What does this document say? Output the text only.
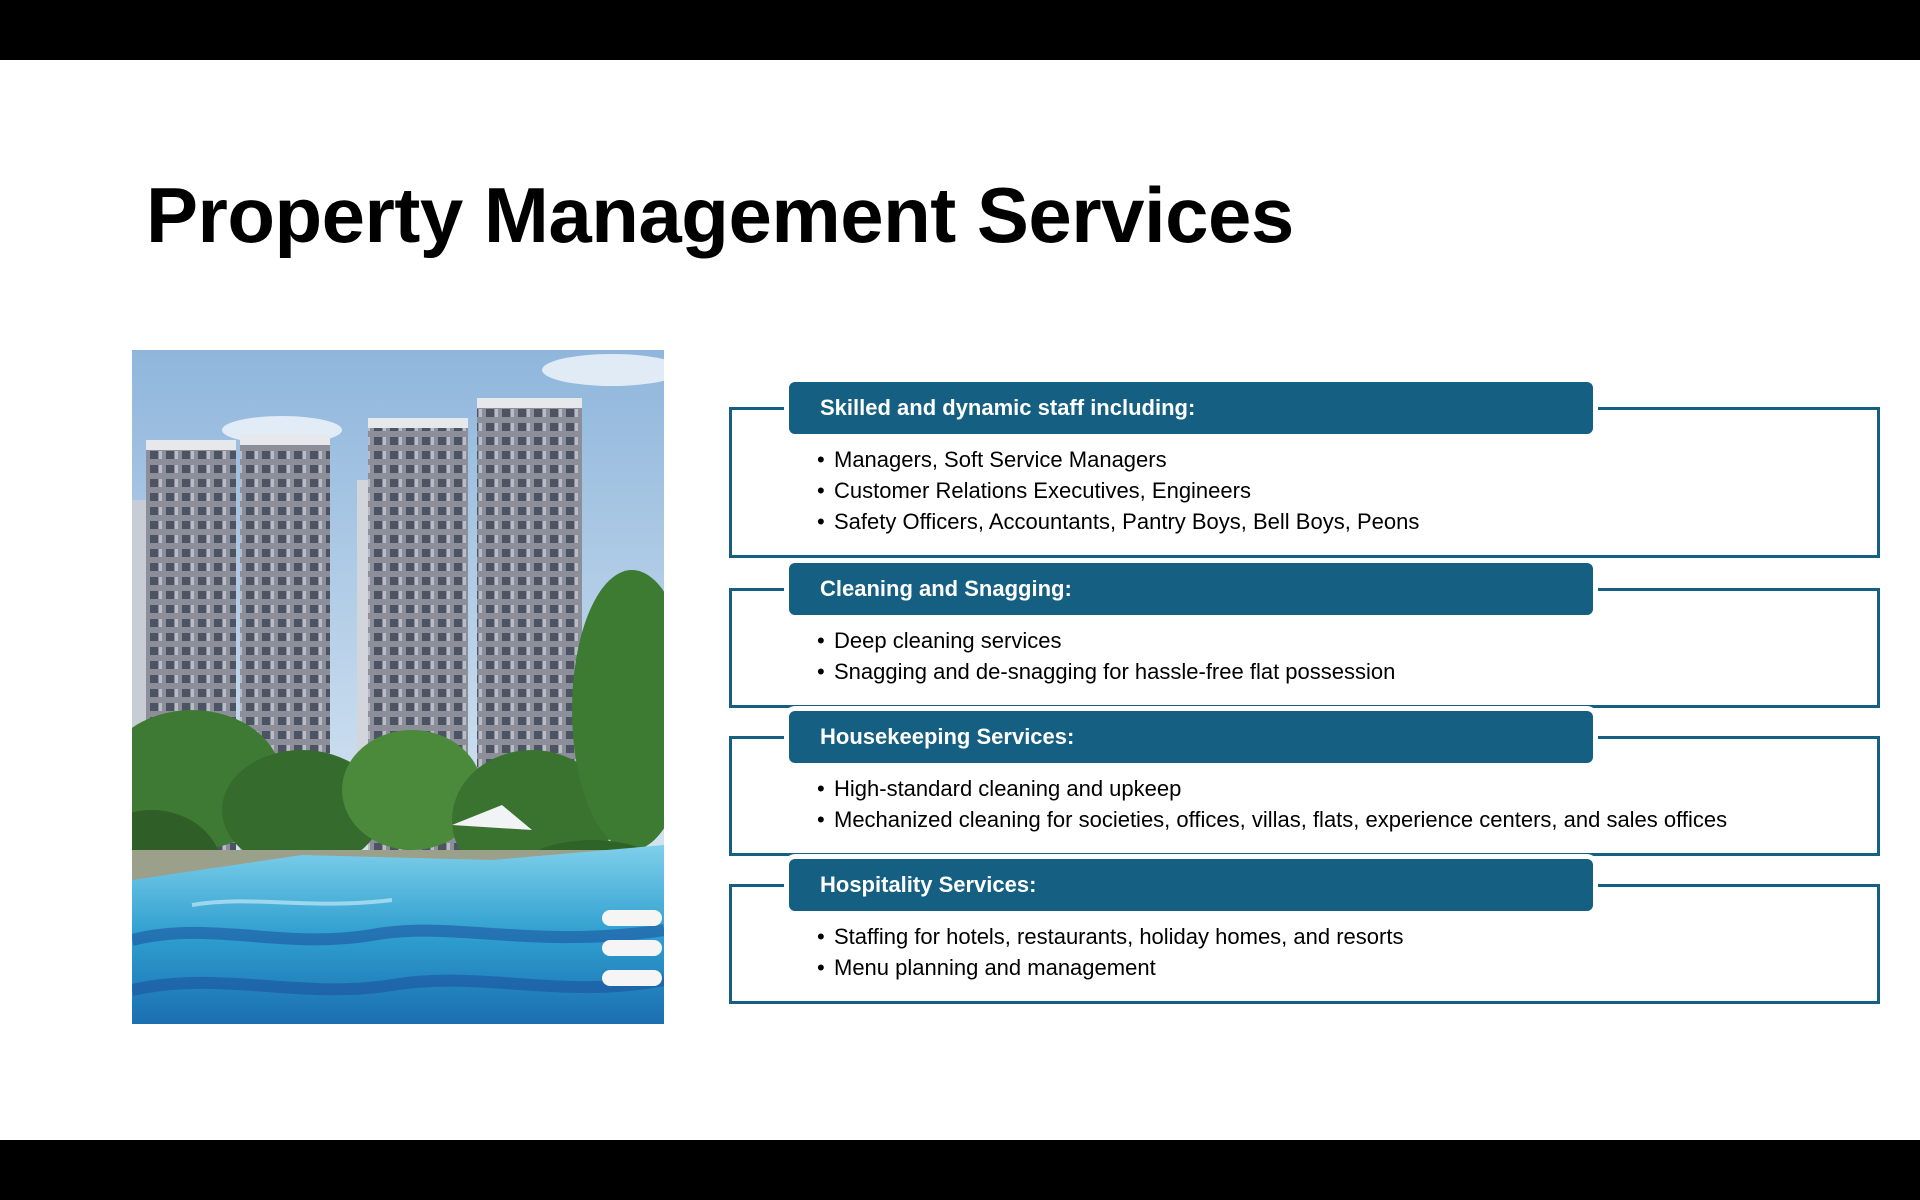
Property Management Services
Skilled and dynamic staff including:
• Managers, Soft Service Managers
• Customer Relations Executives, Engineers
• Safety Officers, Accountants, Pantry Boys, Bell Boys, Peons
Cleaning and Snagging:
• Deep cleaning services
• Snagging and de-snagging for hassle-free flat possession
Housekeeping Services:
• High-standard cleaning and upkeep
• Mechanized cleaning for societies, offices, villas, flats, experience centers, and sales offices
Hospitality Services:
• Staffing for hotels, restaurants, holiday homes, and resorts
• Menu planning and management
